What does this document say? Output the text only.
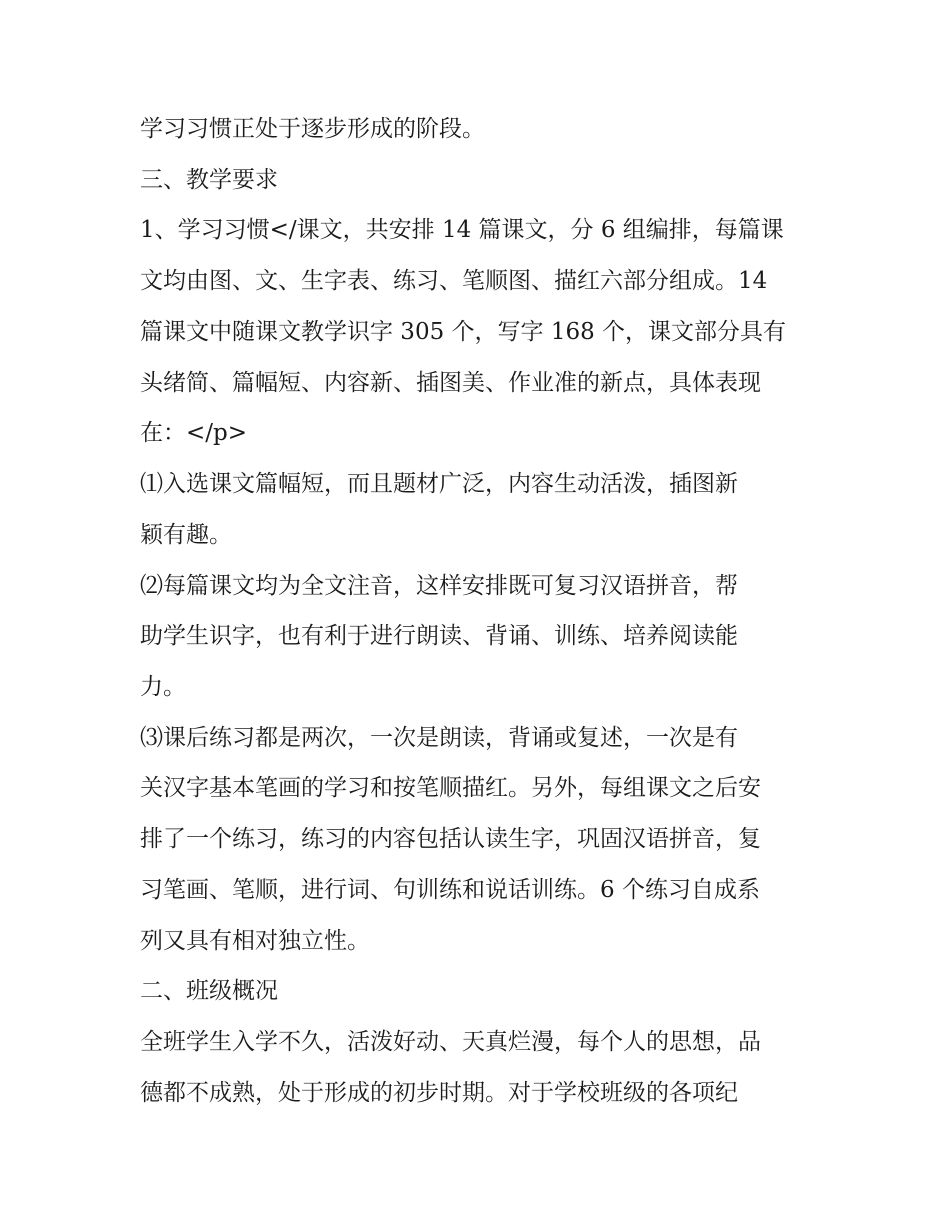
学习习惯正处于逐步形成的阶段。
三、教学要求
1、学习习惯</课文，共安排 14 篇课文，分 6 组编排，每篇课
文均由图、文、生字表、练习、笔顺图、描红六部分组成。14
篇课文中随课文教学识字 305 个，写字 168 个，课文部分具有
头绪简、篇幅短、内容新、插图美、作业准的新点，具体表现
在：</p>
⑴入选课文篇幅短，而且题材广泛，内容生动活泼，插图新
颖有趣。
⑵每篇课文均为全文注音，这样安排既可复习汉语拼音，帮
助学生识字，也有利于进行朗读、背诵、训练、培养阅读能
力。
⑶课后练习都是两次，一次是朗读，背诵或复述，一次是有
关汉字基本笔画的学习和按笔顺描红。另外，每组课文之后安
排了一个练习，练习的内容包括认读生字，巩固汉语拼音，复
习笔画、笔顺，进行词、句训练和说话训练。6 个练习自成系
列又具有相对独立性。
二、班级概况
全班学生入学不久，活泼好动、天真烂漫，每个人的思想，品
德都不成熟，处于形成的初步时期。对于学校班级的各项纪
